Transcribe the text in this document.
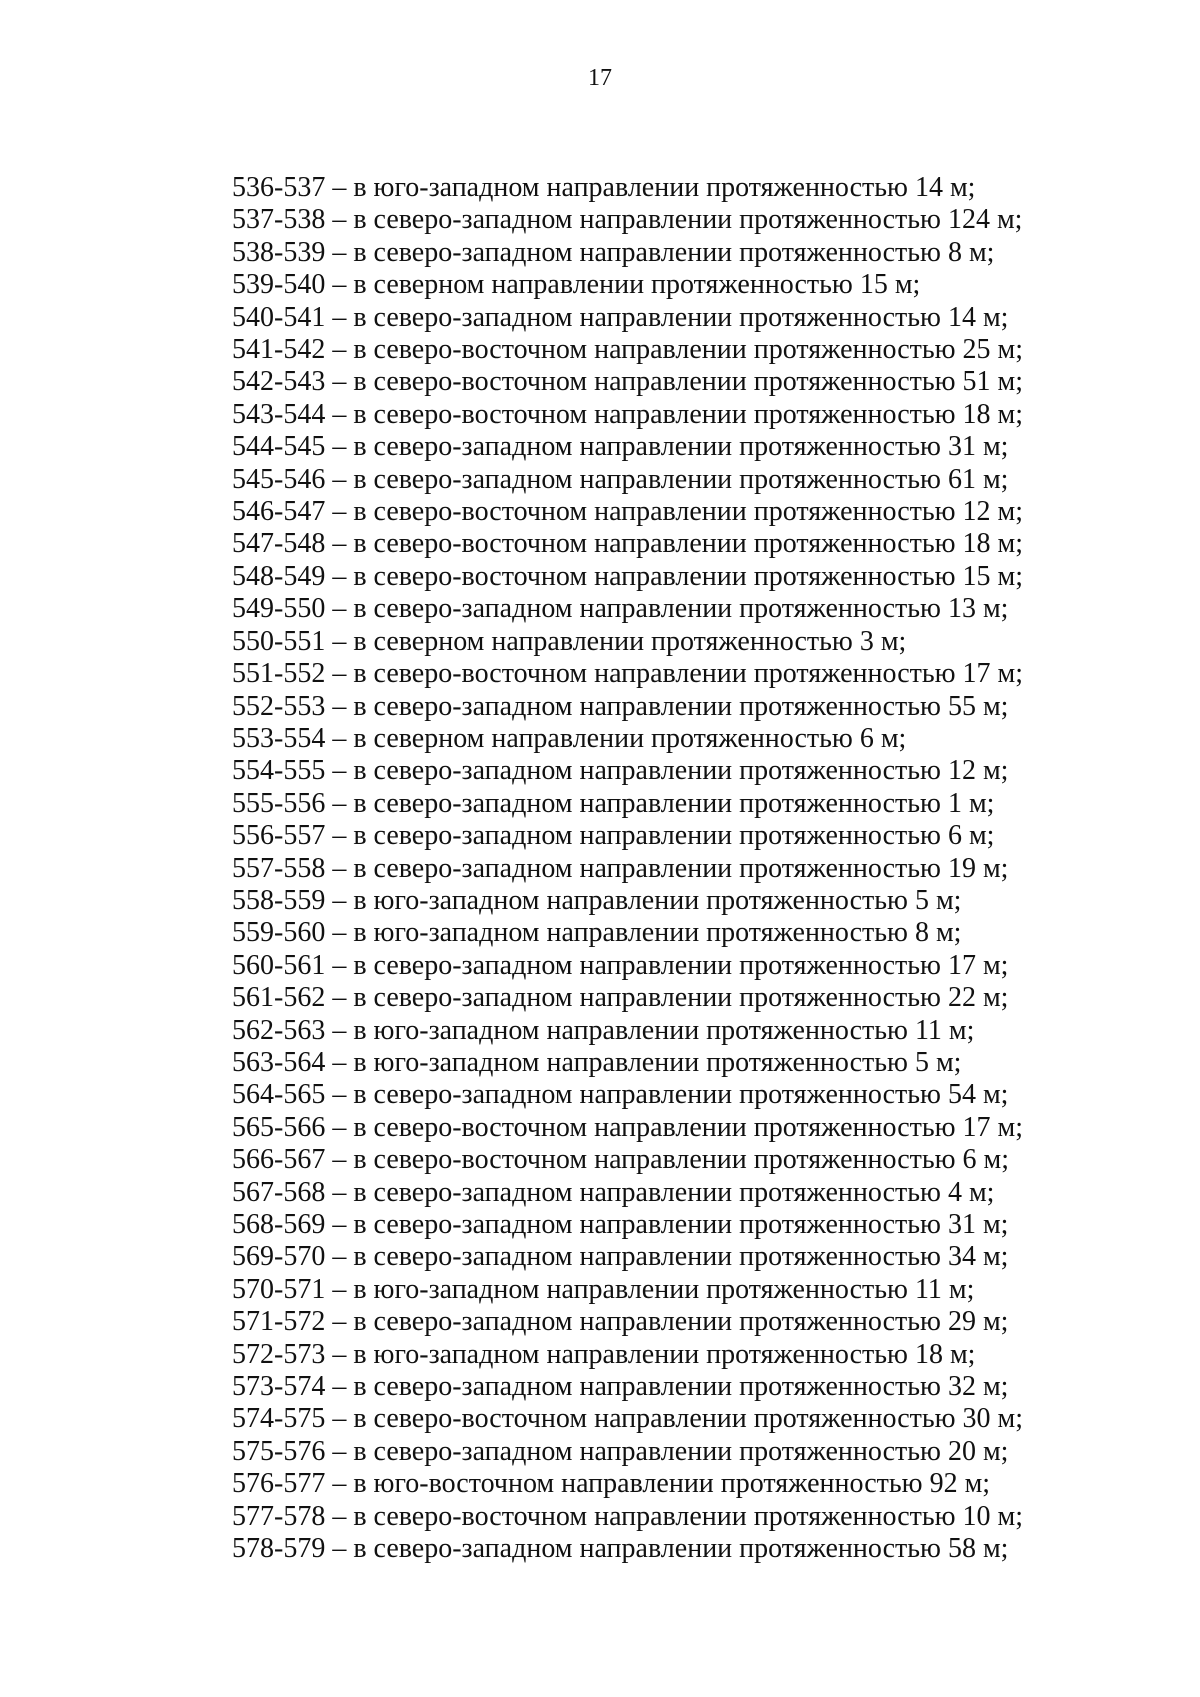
17
536-537 – в юго-западном направлении протяженностью 14 м;
537-538 – в северо-западном направлении протяженностью 124 м;
538-539 – в северо-западном направлении протяженностью 8 м;
539-540 – в северном направлении протяженностью 15 м;
540-541 – в северо-западном направлении протяженностью 14 м;
541-542 – в северо-восточном направлении протяженностью 25 м;
542-543 – в северо-восточном направлении протяженностью 51 м;
543-544 – в северо-восточном направлении протяженностью 18 м;
544-545 – в северо-западном направлении протяженностью 31 м;
545-546 – в северо-западном направлении протяженностью 61 м;
546-547 – в северо-восточном направлении протяженностью 12 м;
547-548 – в северо-восточном направлении протяженностью 18 м;
548-549 – в северо-восточном направлении протяженностью 15 м;
549-550 – в северо-западном направлении протяженностью 13 м;
550-551 – в северном направлении протяженностью 3 м;
551-552 – в северо-восточном направлении протяженностью 17 м;
552-553 – в северо-западном направлении протяженностью 55 м;
553-554 – в северном направлении протяженностью 6 м;
554-555 – в северо-западном направлении протяженностью 12 м;
555-556 – в северо-западном направлении протяженностью 1 м;
556-557 – в северо-западном направлении протяженностью 6 м;
557-558 – в северо-западном направлении протяженностью 19 м;
558-559 – в юго-западном направлении протяженностью 5 м;
559-560 – в юго-западном направлении протяженностью 8 м;
560-561 – в северо-западном направлении протяженностью 17 м;
561-562 – в северо-западном направлении протяженностью 22 м;
562-563 – в юго-западном направлении протяженностью 11 м;
563-564 – в юго-западном направлении протяженностью 5 м;
564-565 – в северо-западном направлении протяженностью 54 м;
565-566 – в северо-восточном направлении протяженностью 17 м;
566-567 – в северо-восточном направлении протяженностью 6 м;
567-568 – в северо-западном направлении протяженностью 4 м;
568-569 – в северо-западном направлении протяженностью 31 м;
569-570 – в северо-западном направлении протяженностью 34 м;
570-571 – в юго-западном направлении протяженностью 11 м;
571-572 – в северо-западном направлении протяженностью 29 м;
572-573 – в юго-западном направлении протяженностью 18 м;
573-574 – в северо-западном направлении протяженностью 32 м;
574-575 – в северо-восточном направлении протяженностью 30 м;
575-576 – в северо-западном направлении протяженностью 20 м;
576-577 – в юго-восточном направлении протяженностью 92 м;
577-578 – в северо-восточном направлении протяженностью 10 м;
578-579 – в северо-западном направлении протяженностью 58 м;
